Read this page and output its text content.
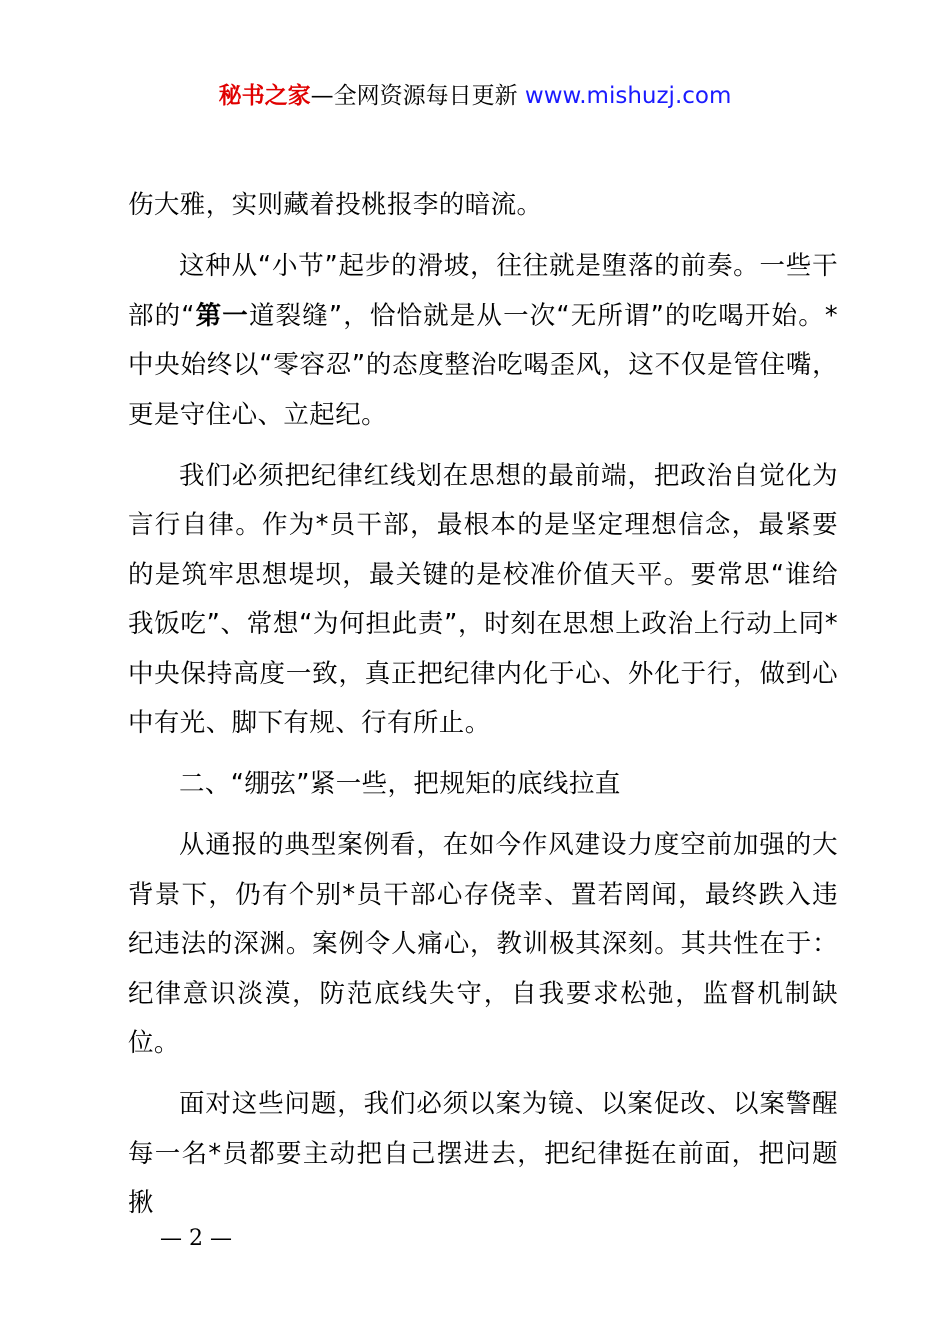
秘书之家—全网资源每日更新 www.mishuzj.com

伤大雅，实则藏着投桃报李的暗流。

这种从“小节”起步的滑坡，往往就是堕落的前奏。一些干部的“第一道裂缝”，恰恰就是从一次“无所谓”的吃喝开始。*中央始终以“零容忍”的态度整治吃喝歪风，这不仅是管住嘴，更是守住心、立起纪。

我们必须把纪律红线划在思想的最前端，把政治自觉化为言行自律。作为*员干部，最根本的是坚定理想信念，最紧要的是筑牢思想堤坝，最关键的是校准价值天平。要常思“谁给我饭吃”、常想“为何担此责”，时刻在思想上政治上行动上同*中央保持高度一致，真正把纪律内化于心、外化于行，做到心中有光、脚下有规、行有所止。

二、“绷弦”紧一些，把规矩的底线拉直

从通报的典型案例看，在如今作风建设力度空前加强的大背景下，仍有个别*员干部心存侥幸、置若罔闻，最终跌入违纪违法的深渊。案例令人痛心，教训极其深刻。其共性在于：纪律意识淡漠，防范底线失守，自我要求松弛，监督机制缺位。

面对这些问题，我们必须以案为镜、以案促改、以案警醒每一名*员都要主动把自己摆进去，把纪律挺在前面，把问题揪

— 2 —
